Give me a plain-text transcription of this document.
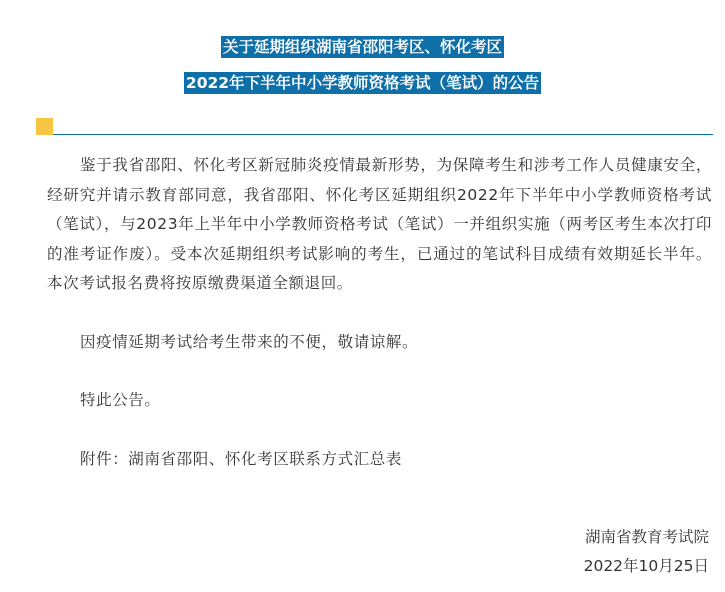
关于延期组织湖南省邵阳考区、怀化考区
2022年下半年中小学教师资格考试（笔试）的公告

鉴于我省邵阳、怀化考区新冠肺炎疫情最新形势，为保障考生和涉考工作人员健康安全，经研究并请示教育部同意，我省邵阳、怀化考区延期组织2022年下半年中小学教师资格考试（笔试），与2023年上半年中小学教师资格考试（笔试）一并组织实施（两考区考生本次打印的准考证作废）。受本次延期组织考试影响的考生，已通过的笔试科目成绩有效期延长半年。本次考试报名费将按原缴费渠道全额退回。

因疫情延期考试给考生带来的不便，敬请谅解。

特此公告。

附件：湖南省邵阳、怀化考区联系方式汇总表

湖南省教育考试院
2022年10月25日
